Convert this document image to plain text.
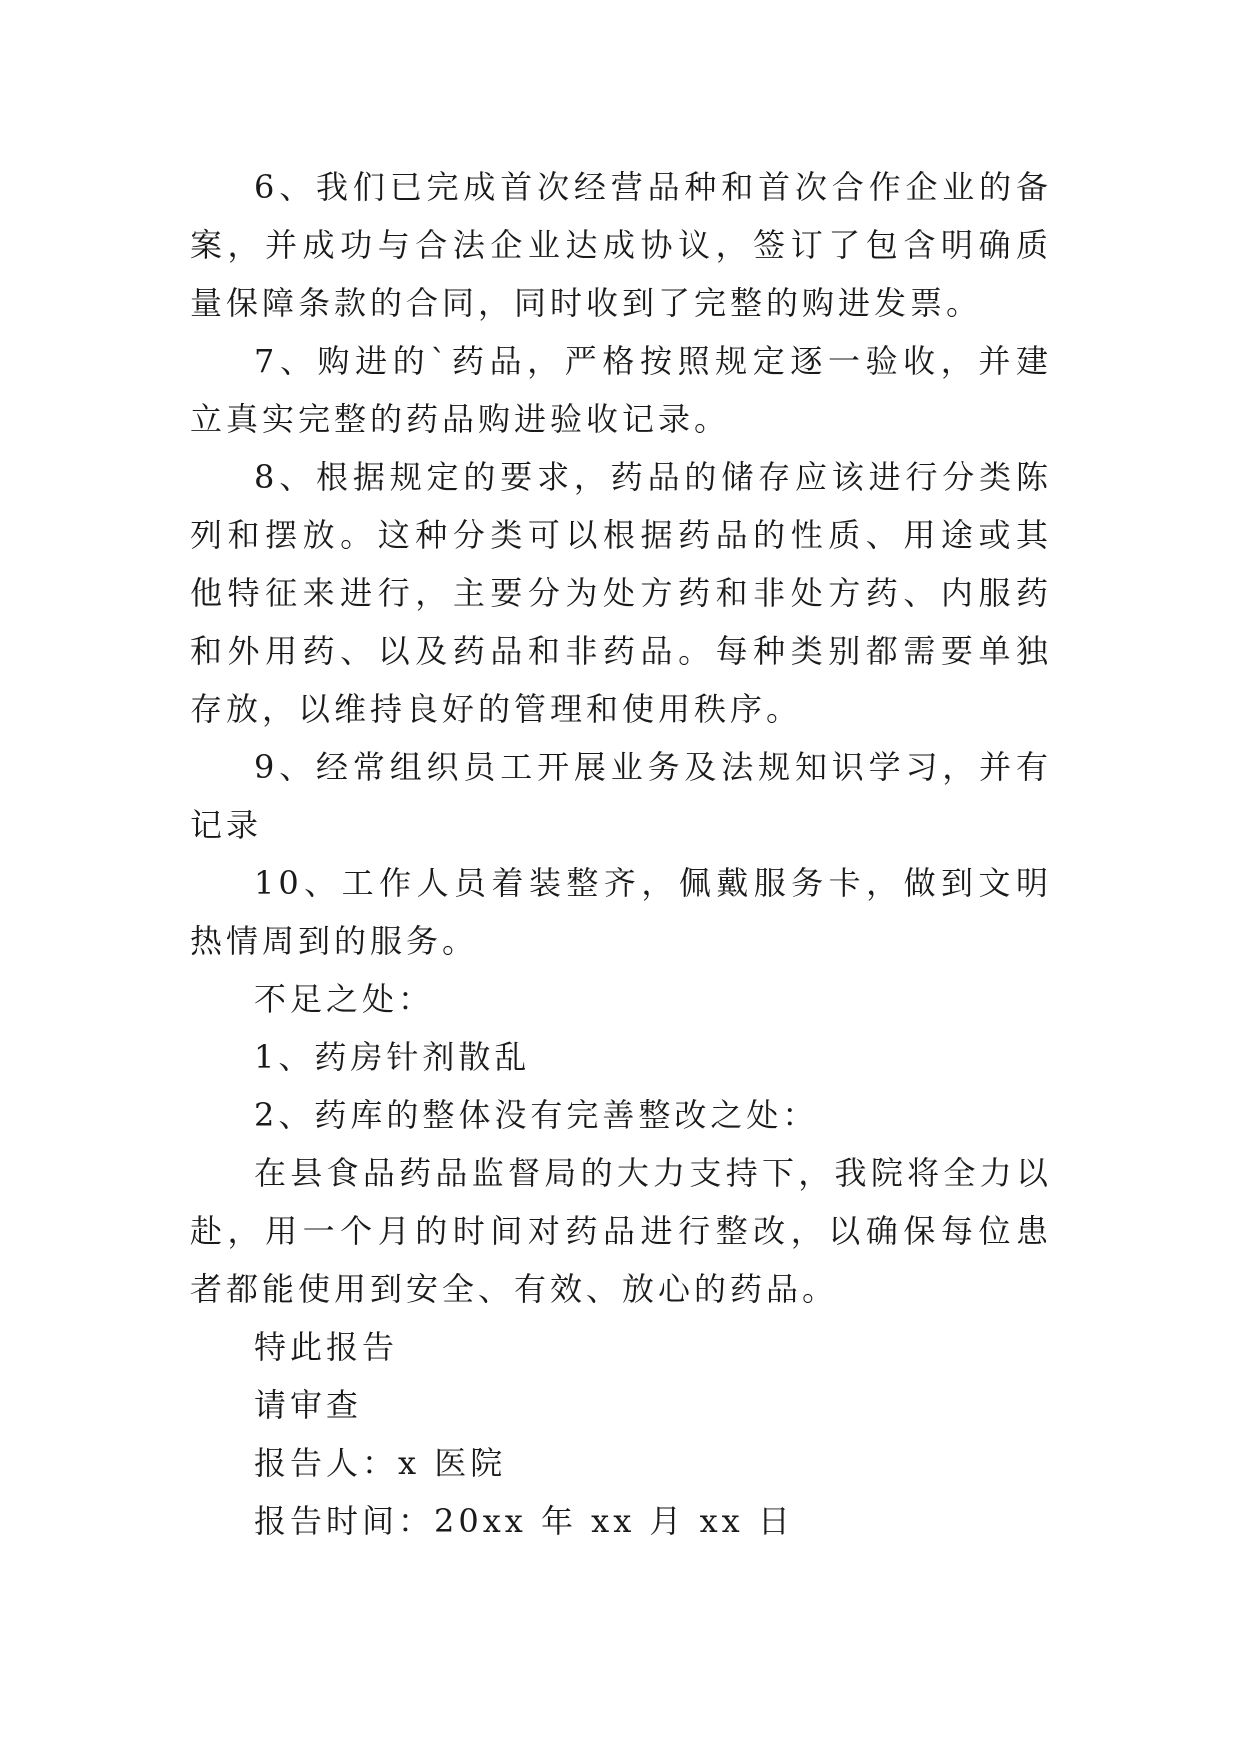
6、我们已完成首次经营品种和首次合作企业的备案，并成功与合法企业达成协议，签订了包含明确质量保障条款的合同，同时收到了完整的购进发票。

7、购进的`药品，严格按照规定逐一验收，并建立真实完整的药品购进验收记录。

8、根据规定的要求，药品的储存应该进行分类陈列和摆放。这种分类可以根据药品的性质、用途或其他特征来进行，主要分为处方药和非处方药、内服药和外用药、以及药品和非药品。每种类别都需要单独存放，以维持良好的管理和使用秩序。

9、经常组织员工开展业务及法规知识学习，并有记录

10、工作人员着装整齐，佩戴服务卡，做到文明热情周到的服务。

不足之处：

1、药房针剂散乱

2、药库的整体没有完善整改之处：

在县食品药品监督局的大力支持下，我院将全力以赴，用一个月的时间对药品进行整改，以确保每位患者都能使用到安全、有效、放心的药品。

特此报告

请审查

报告人：x 医院

报告时间：20xx 年 xx 月 xx 日
